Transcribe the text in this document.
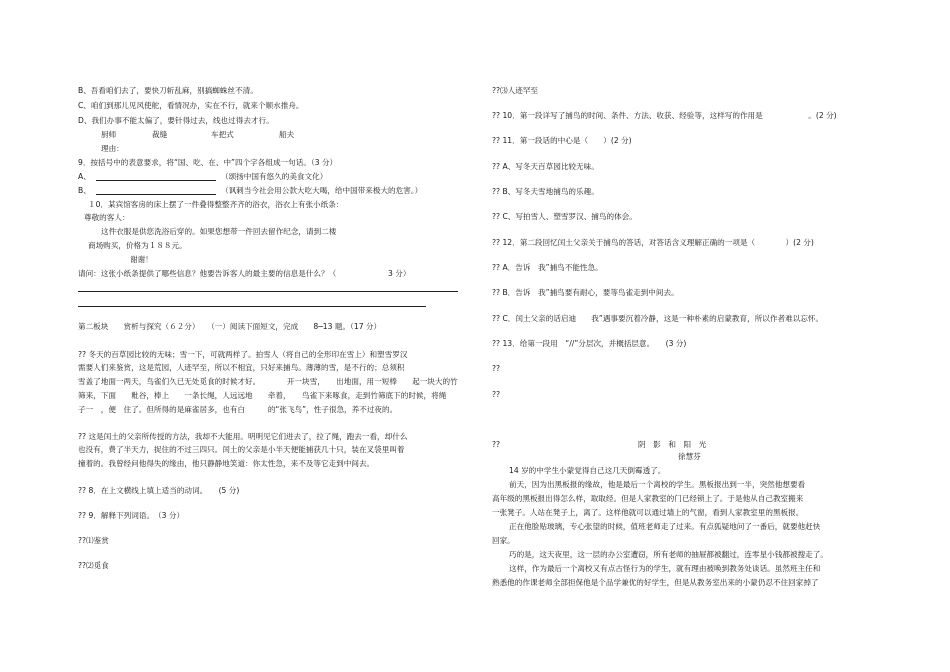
B、吾看咱们去了，要快刀斩乱麻，别搞蜘蛛丝不清。
C、咱们到那儿见风使舵，看情况办，实在不行，就来个顺水推舟。
D、我们办事不能太偏了，要针得过去，线也过得去才行。
厨师	裁缝	车把式	船夫
理由：
9．按括号中的表意要求，将“国、吃、在、中”四个字各组成一句话。（3 分）
A、	（颂扬中国有悠久的美食文化）
B、	（讽刺当今社会用公款大吃大喝，给中国带来极大的危害。）
１0．某宾馆客房的床上摆了一件叠得整整齐齐的浴衣，浴衣上有张小纸条：
尊敬的客人：
这件衣服是供您洗浴后穿的。如果您想带一件回去留作纪念，请到二楼
商场购买，价格为１８８元。
谢谢！
请问：这张小纸条提供了哪些信息？他要告诉客人的最主要的信息是什么？（	3 分）
第二板块　　赏析与探究（６２分）　　（一）阅读下面短文，完成　　8─13 题。（17 分）
?? 冬天的百草园比较的无味；雪一下，可就两样了。拍雪人（将自己的全形印在雪上）和塑雪罗汉
需要人们来鉴赏，这是荒园，人迹罕至，所以不相宜，只好来捕鸟。薄薄的雪，是不行的；总须积
雪盖了地面一两天，鸟雀们久已无处觅食的时候才好。　　　　开一块雪，　　出地面，用一短棒　　起一块大的竹
筛来，下面　　粃谷，棒上　　一条长绳，人远远地　　牵着，　　鸟雀下来啄食，走到竹筛底下的时候，将绳
子一　，便　住了。但所得的是麻雀居多，也有白　　　的“张飞鸟”，性子很急，养不过夜的。
?? 这是闰土的父亲所传授的方法，我却不大能用。明明见它们进去了，拉了绳，跑去一看，却什么
也没有，费了半天力，捉住的不过三四只。闰土的父亲是小半天便能捕获几十只，装在叉袋里叫着
撞着的。我曾经问他得失的缘由，他只静静地笑道：你太性急，来不及等它走到中间去。
?? 8．在上文横线上填上适当的动词。　　(5 分)
?? 9．解释下列词语。　（3 分）
??⑴鉴赏
??⑵觅食
??⑶人迹罕至
?? 10．第一段详写了捕鸟的时间、条件、方法、收获、经验等，这样写的作用是　　　　　　。(2 分)
?? 11．第一段话的中心是（　　）(2 分)
?? A、写冬天百草园比较无味。
?? B、写冬天雪地捕鸟的乐趣。
?? C、写拍雪人、塑雪罗汉、捕鸟的体会。
?? 12．第二段回忆闰土父亲关于捕鸟的答话，对答话含义理解正确的一项是（　　　　）(2 分)
?? A．告诉　我”捕鸟不能性急。
?? B．告诉　我”捕鸟要有耐心，要等鸟雀走到中间去。
?? C．闰土父亲的话启迪　　我”遇事要沉着冷静，这是一种朴素的启蒙教育，所以作者难以忘怀。
?? 13．给第一段用　“//”分层次，并概括层意。　　(3 分)
??
??
??	阴　影　和　阳　光
徐慧芬
14 岁的中学生小蒙觉得自己这几天倒霉透了。
前天，因为出黑板报的缘故，他是最后一个离校的学生。黑板报出到一半，突然他想要看
高年级的黑板报出得怎么样，取取经。但是人家教室的门已经锁上了。于是他从自己教室搬来
一张凳子。人站在凳子上，离了。这样他就可以通过墙上的气窗，看到人家教室里的黑板报。
正在他脸贴玻璃，专心张望的时候，值班老师走了过来。有点狐疑地问了一番后，就要他赶快
回家。
巧的是，这天夜里，这一层的办公室遭窃，所有老师的抽屉都被翻过，连零星小钱都被搜走了。
这样，作为最后一个离校又有点古怪行为的学生，就有理由被唤到教务处谈话。虽然班主任和
熟悉他的作课老师全部担保他是个品学兼优的好学生，但是从教务室出来的小蒙仍忍不住回家掉了
